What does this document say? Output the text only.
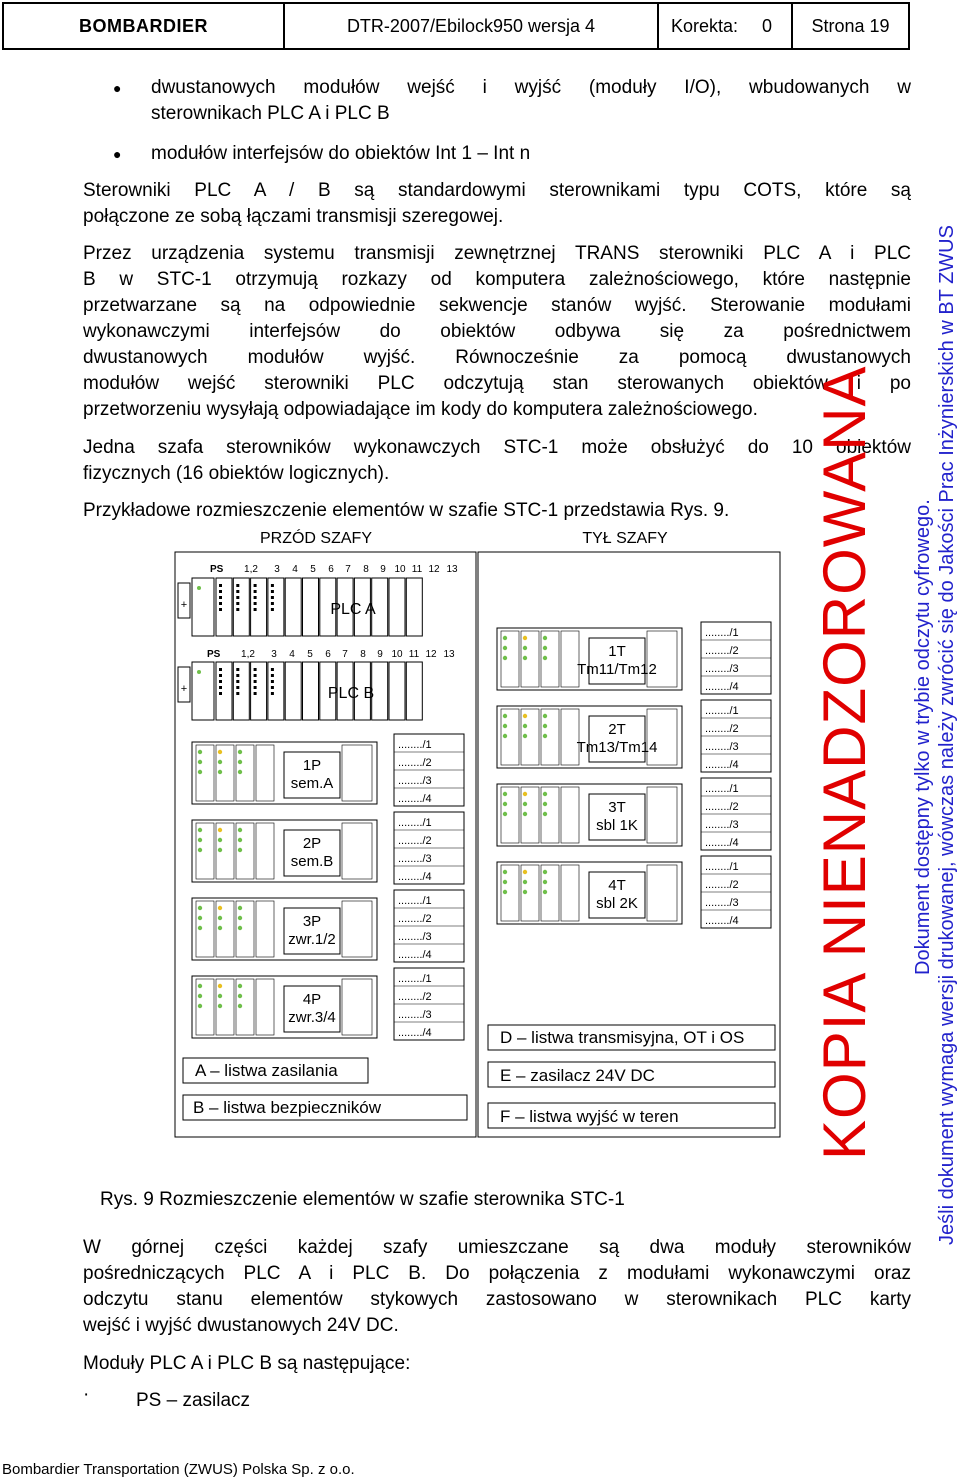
BOMBARDIER	DTR-2007/Ebilock950 wersja 4	Korekta: 0	Strona 19
● dwustanowych modułów wejść i wyjść (moduły I/O), wbudowanych w
sterownikach PLC A i PLC B
● modułów interfejsów do obiektów Int 1 – Int n
Sterowniki PLC A / B są standardowymi sterownikami typu COTS, które są
połączone ze sobą łączami transmisji szeregowej.
Przez urządzenia systemu transmisji zewnętrznej TRANS sterowniki PLC A i PLC
B w STC-1 otrzymują rozkazy od komputera zależnościowego, które następnie
przetwarzane są na odpowiednie sekwencje stanów wyjść. Sterowanie modułami
wykonawczymi interfejsów do obiektów odbywa się za pośrednictwem
dwustanowych modułów wyjść. Równocześnie za pomocą dwustanowych
modułów wejść sterowniki PLC odczytują stan sterowanych obiektów i po
przetworzeniu wysyłają odpowiadające im kody do komputera zależnościowego.
Jedna szafa sterowników wykonawczych STC-1 może obsłużyć do 10 obiektów
fizycznych (16 obiektów logicznych).
Przykładowe rozmieszczenie elementów w szafie STC-1 przedstawia Rys. 9.
PRZÓD SZAFY	TYŁ SZAFY
+
+
PS
PS
1,2 3 4 5 6 7 8 9 10 11 12 13
1,2 3 4 5 6 7 8 9 10 11 12 13
PLC A
PLC B
1P
sem.A
......../1
......../2
......../3
......../4
2P
sem.B
......../1
......../2
......../3
......../4
3P
zwr.1/2
......../1
......../2
......../3
......../4
4P
zwr.3/4
......../1
......../2
......../3
......../4
1T
Tm11/Tm12
......../1
......../2
......../3
......../4
2T
Tm13/Tm14
......../1
......../2
......../3
......../4
3T
sbl 1K
......../1
......../2
......../3
......../4
4T
sbl 2K
......../1
......../2
......../3
......../4
A – listwa zasilania
B – listwa bezpieczników
D – listwa transmisyjna, OT i OS
E – zasilacz 24V DC
F – listwa wyjść w teren
Rys. 9 Rozmieszczenie elementów w szafie sterownika STC-1
W górnej części każdej szafy umieszczane są dwa moduły sterowników
pośredniczących PLC A i PLC B. Do połączenia z modułami wykonawczymi oraz
odczytu stanu elementów stykowych zastosowano w sterownikach PLC karty
wejść i wyjść dwustanowych 24V DC.
Moduły PLC A i PLC B są następujące:
·	PS – zasilacz
KOPIA NIENADZOROWANA Dokument dostępny tylko w trybie odczytu cyfrowego. Jeśli dokument wymaga wersji drukowanej, wówczas należy zwrócić się do Jakości Prac Inżynierskich w BT ZWUS
Bombardier Transportation (ZWUS) Polska Sp. z o.o.
